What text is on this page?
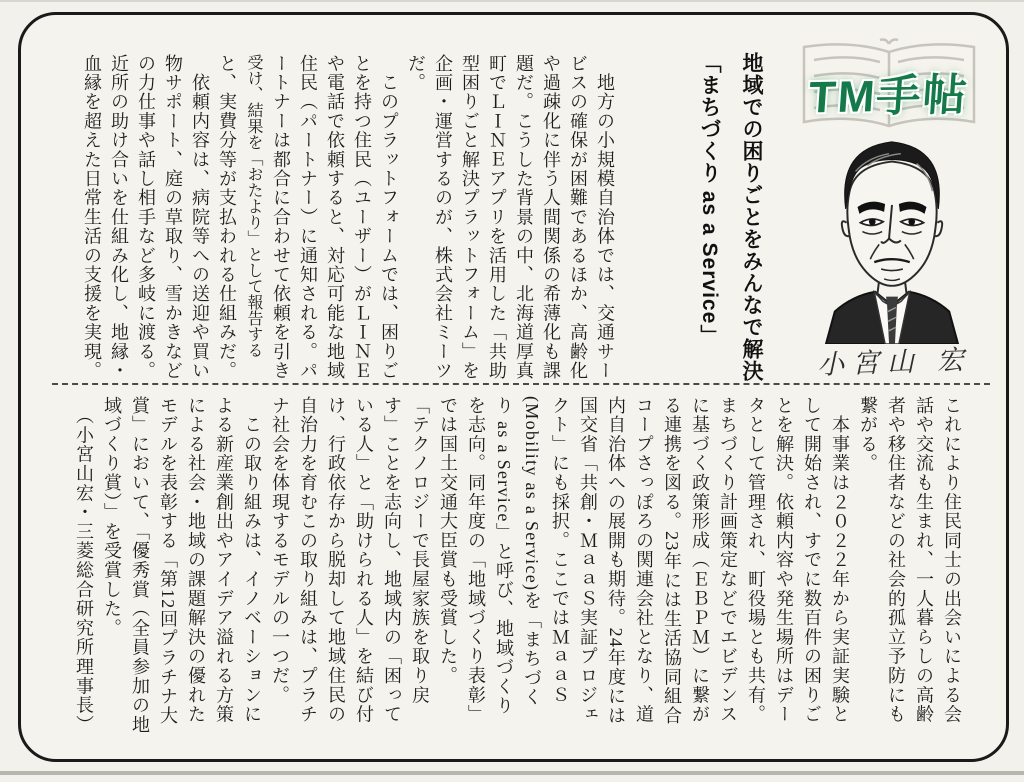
地域での困りごとをみんなで解決
「まちづくり as a Service」
　地方の小規模自治体では、交通サー
ビスの確保が困難であるほか、高齢化
や過疎化に伴う人間関係の希薄化も課
題だ。こうした背景の中、北海道厚真
町でＬＩＮＥアプリを活用した「共助
型困りごと解決プラットフォーム」を
企画・運営するのが、株式会社ミーツ
だ。
　このプラットフォームでは、困りご
とを持つ住民（ユーザー）がＬＩＮＥ
や電話で依頼すると、対応可能な地域
住民（パートナー）に通知される。パ
ートナーは都合に合わせて依頼を引き
受け、結果を「おたより」として報告する
と、実費分等が支払われる仕組みだ。
　依頼内容は、病院等への送迎や買い
物サポート、庭の草取り、雪かきなど
の力仕事や話し相手など多岐に渡る。
近所の助け合いを仕組み化し、地縁・
血縁を超えた日常生活の支援を実現。
これにより住民同士の出会いによる会
話や交流も生まれ、一人暮らしの高齢
者や移住者などの社会的孤立予防にも
繋がる。
　本事業は２０２２年から実証実験と
して開始され、すでに数百件の困りご
とを解決。依頼内容や発生場所はデー
タとして管理され、町役場とも共有。
まちづくり計画策定などでエビデンス
に基づく政策形成（ＥＢＰＭ）に繋が
る連携を図る。23年には生活協同組合
コープさっぽろの関連会社となり、道
内自治体への展開も期待。24年度には
国交省「共創・ＭａａＳ実証プロジェ
クト」にも採択。ここではＭａａＳ
(Mobility as a Service)を「まちづく
り as a Service」と呼び、地域づくり
を志向。同年度の「地域づくり表彰」
では国土交通大臣賞も受賞した。
「テクノロジーで長屋家族を取り戻
す」ことを志向し、地域内の「困って
いる人」と「助けられる人」を結び付
け、行政依存から脱却して地域住民の
自治力を育むこの取り組みは、プラチ
ナ社会を体現するモデルの一つだ。
　この取り組みは、イノベーションに
よる新産業創出やアイデア溢れる方策
による社会・地域の課題解決の優れた
モデルを表彰する「第12回プラチナ大
賞」において、「優秀賞（全員参加の地
域づくり賞）」を受賞した。
　（小宮山宏・三菱総合研究所理事長）
TM手帖
小宮山 宏
